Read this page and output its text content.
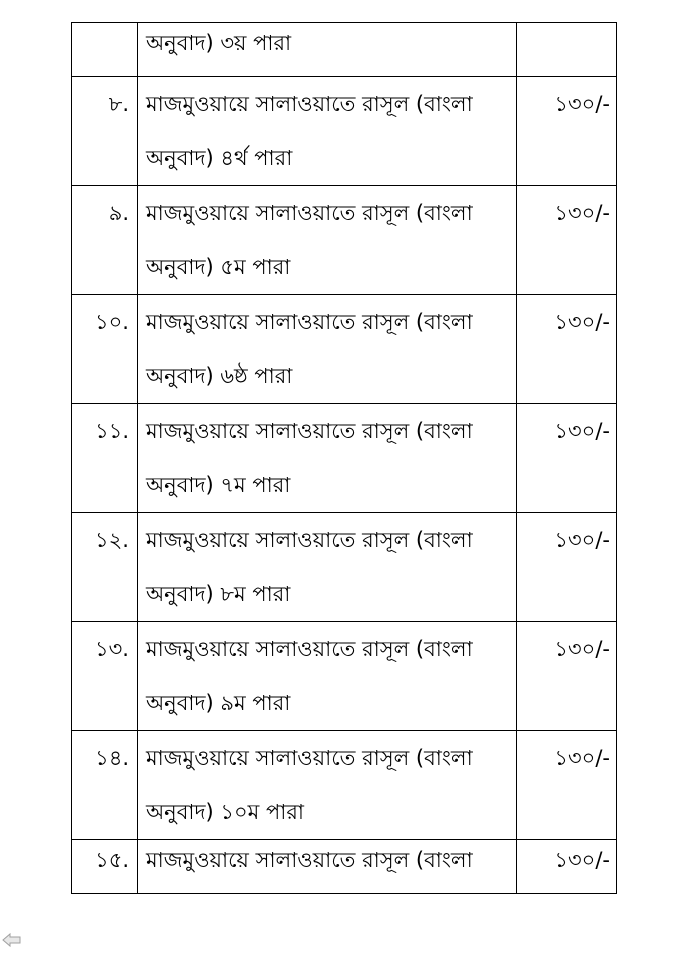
	অনুবাদ) ৩য় পারা	

৮.	মাজমুওয়ায়ে সালাওয়াতে রাসূল (বাংলা
অনুবাদ) ৪র্থ পারা	১৩০/-
৯.	মাজমুওয়ায়ে সালাওয়াতে রাসূল (বাংলা
অনুবাদ) ৫ম পারা	১৩০/-
১০.	মাজমুওয়ায়ে সালাওয়াতে রাসূল (বাংলা
অনুবাদ) ৬ষ্ঠ পারা	১৩০/-
১১.	মাজমুওয়ায়ে সালাওয়াতে রাসূল (বাংলা
অনুবাদ) ৭ম পারা	১৩০/-
১২.	মাজমুওয়ায়ে সালাওয়াতে রাসূল (বাংলা
অনুবাদ) ৮ম পারা	১৩০/-
১৩.	মাজমুওয়ায়ে সালাওয়াতে রাসূল (বাংলা
অনুবাদ) ৯ম পারা	১৩০/-
১৪.	মাজমুওয়ায়ে সালাওয়াতে রাসূল (বাংলা
অনুবাদ) ১০ম পারা	১৩০/-
১৫.	মাজমুওয়ায়ে সালাওয়াতে রাসূল (বাংলা	১৩০/-
